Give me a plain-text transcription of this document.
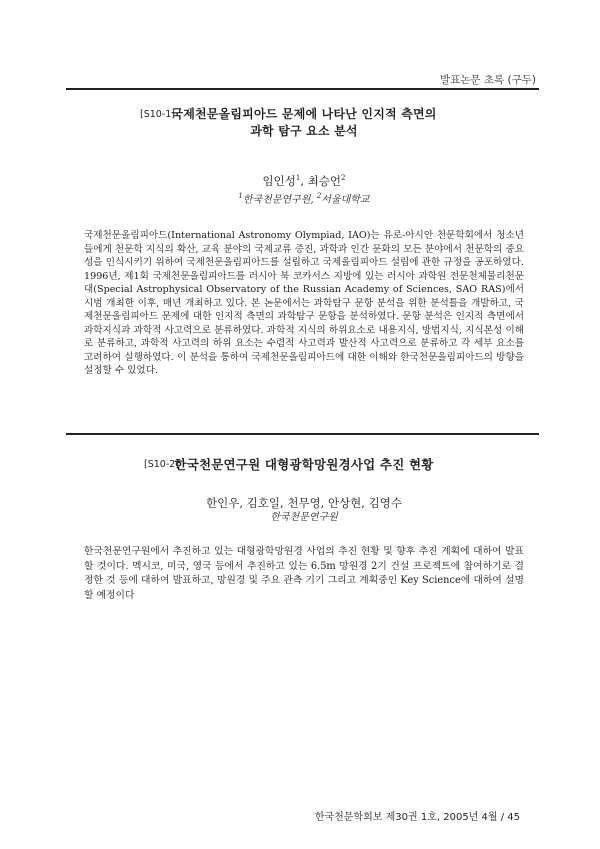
발표논문 초록 (구두)
[S10-1]
국제천문올림피아드 문제에 나타난 인지적 측면의
과학 탐구 요소 분석
임인성$^1$, 최승언$^2$
$^1$한국천문연구원, $^2$서울대학교

국제천문올림피아드(International Astronomy Olympiad, IAO)는 유로-아시안 천문학회에서 청소년들에게 천문학 지식의 확산, 교육 분야의 국제교류 증진, 과학과 인간 문화의 모든 분야에서 천문학의 중요성을 인식시키기 위하여 국제천문올림피아드를 설립하고 국제올림피아드 설립에 관한 규정을 공포하였다. 1996년, 제1회 국제천문올림피아드를 러시아 북 코카서스 지방에 있는 러시아 과학원 전문천체물리천문대(Special Astrophysical Observatory of the Russian Academy of Sciences, SAO RAS)에서 시범 개최한 이후, 매년 개최하고 있다. 본 논문에서는 과학탐구 문항 분석을 위한 분석틀을 개발하고, 국제천문올림피아드 문제에 대한 인지적 측면의 과학탐구 문항을 분석하였다. 문항 분석은 인지적 측면에서 과학지식과 과학적 사고력으로 분류하였다. 과학적 지식의 하위요소로 내용지식, 방법지식, 지식본성 이해로 분류하고, 과학적 사고력의 하위 요소는 수렴적 사고력과 발산적 사고력으로 분류하고 각 세부 요소를 고려하여 실행하였다. 이 분석을 통하여 국제천문올림피아드에 대한 이해와 한국천문올림피아드의 방향을 설정할 수 있었다.

[S10-2]
한국천문연구원 대형광학망원경사업 추진 현황
한인우, 김호일, 천무영, 안상현, 김영수
한국천문연구원

한국천문연구원에서 추진하고 있는 대형광학망원경 사업의 추진 현황 및 향후 추진 계획에 대하여 발표할 것이다. 멕시코, 미국, 영국 등에서 추진하고 있는 6.5m 망원경 2기 건설 프로젝트에 참여하기로 결정한 것 등에 대하여 발표하고, 망원경 및 주요 관측 기기 그리고 계획중인 Key Science에 대하여 설명할 예정이다

한국천문학회보 제30권 1호, 2005년 4월 / 45
